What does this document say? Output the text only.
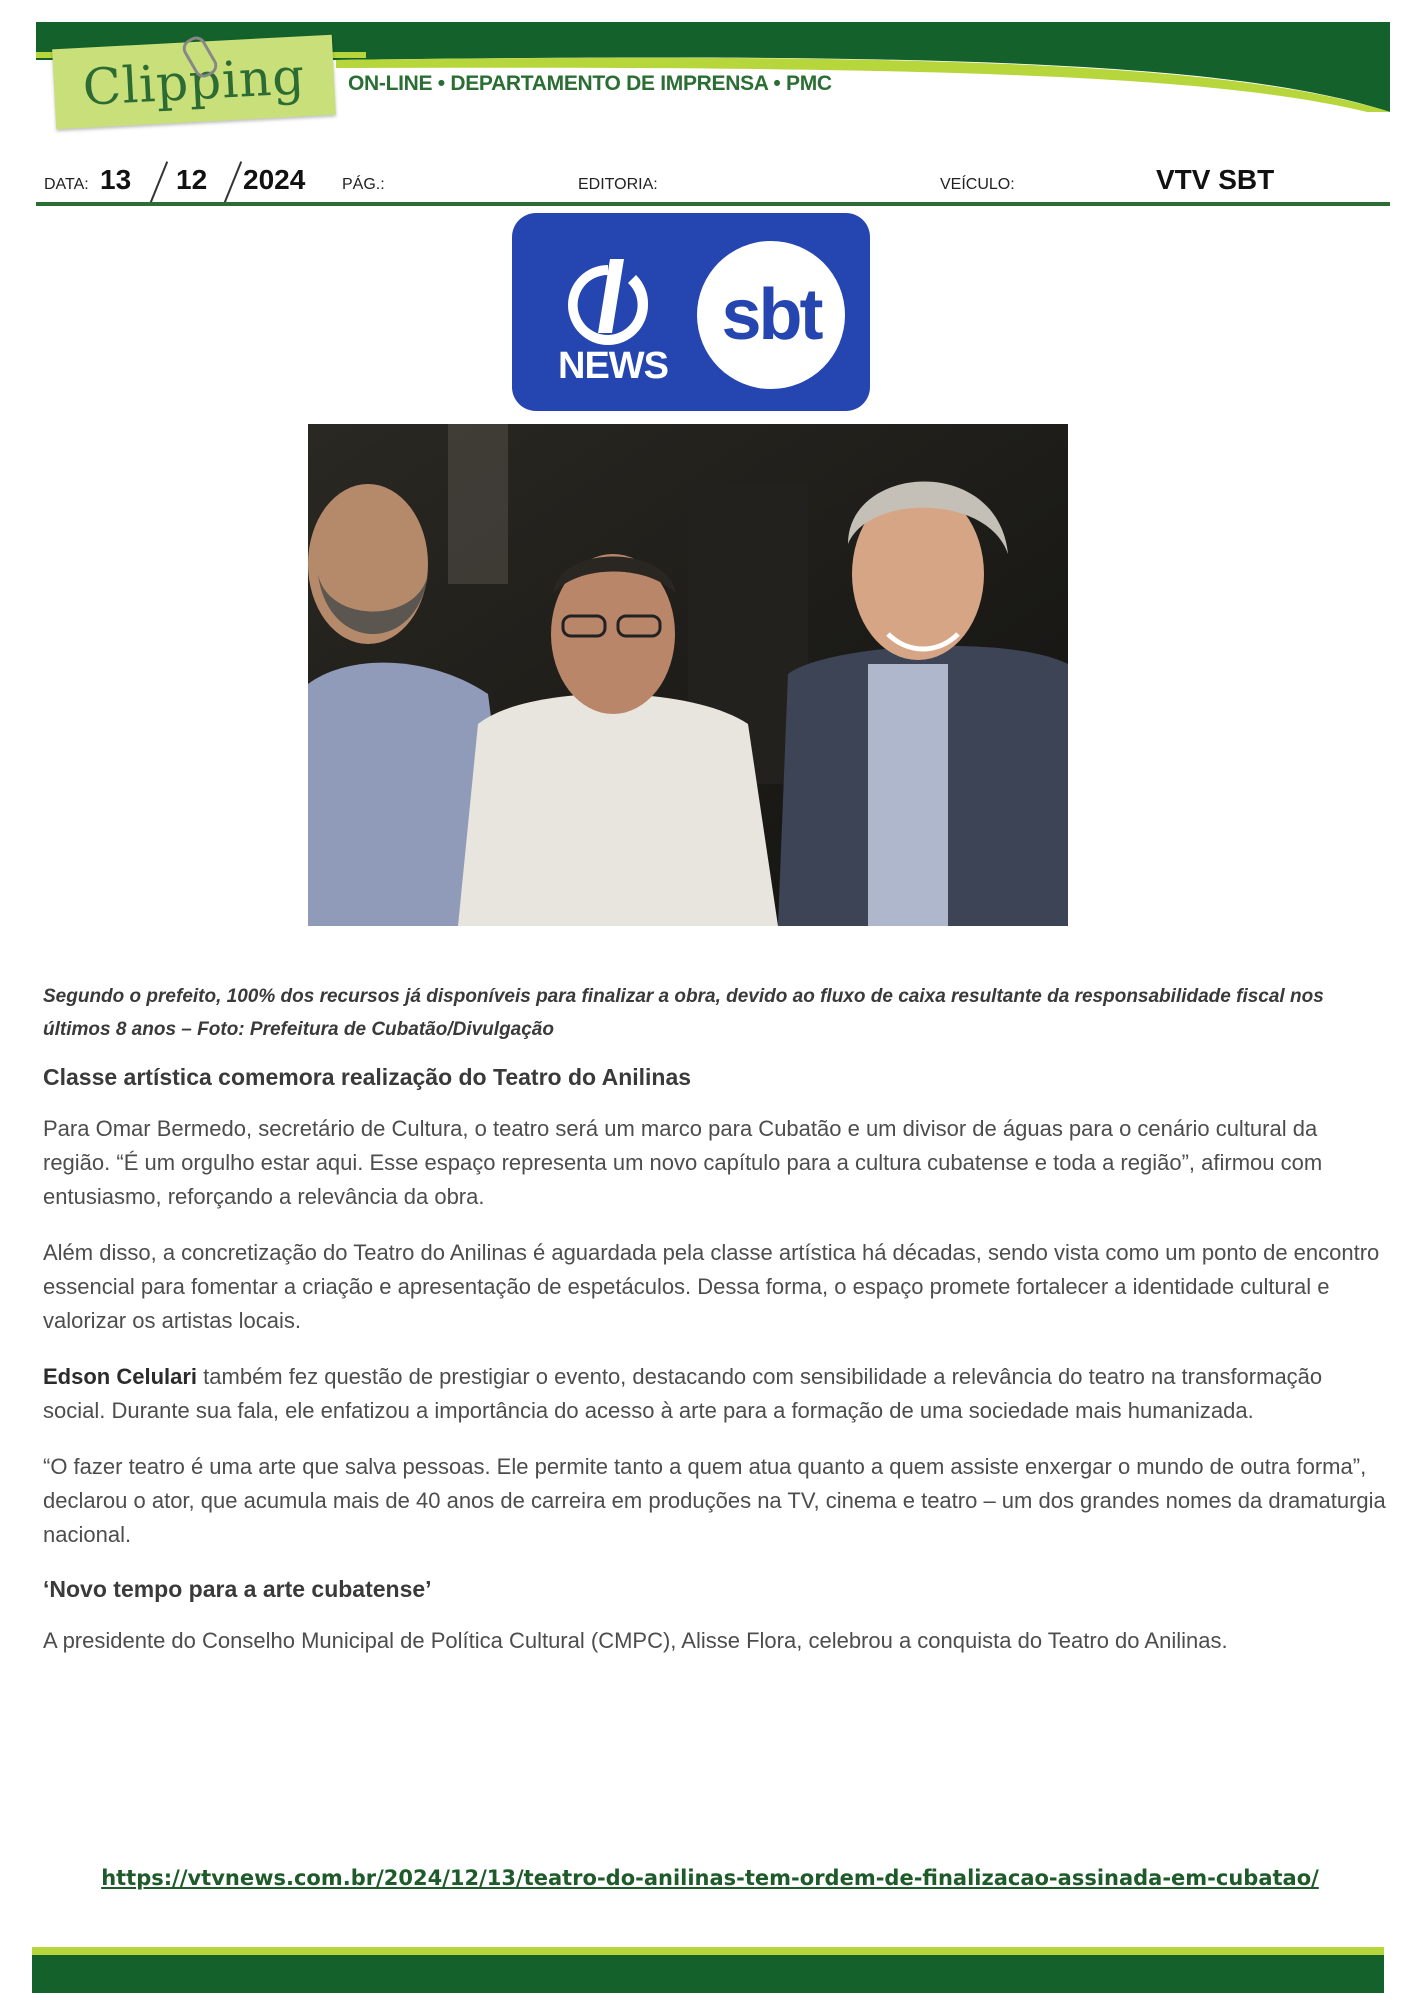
Clipping ON-LINE • DEPARTAMENTO DE IMPRENSA • PMC
DATA: 13 12 2024 PÁG.:	EDITORIA:	VEÍCULO:	VTV SBT
NEWS
sbt

Segundo o prefeito, 100% dos recursos já disponíveis para finalizar a obra, devido ao fluxo de caixa resultante da responsabilidade fiscal nos últimos 8 anos – Foto: Prefeitura de Cubatão/Divulgação

Classe artística comemora realização do Teatro do Anilinas

Para Omar Bermedo, secretário de Cultura, o teatro será um marco para Cubatão e um divisor de águas para o cenário cultural da região. “É um orgulho estar aqui. Esse espaço representa um novo capítulo para a cultura cubatense e toda a região”, afirmou com entusiasmo, reforçando a relevância da obra.

Além disso, a concretização do Teatro do Anilinas é aguardada pela classe artística há décadas, sendo vista como um ponto de encontro essencial para fomentar a criação e apresentação de espetáculos. Dessa forma, o espaço promete fortalecer a identidade cultural e valorizar os artistas locais.

Edson Celulari também fez questão de prestigiar o evento, destacando com sensibilidade a relevância do teatro na transformação social. Durante sua fala, ele enfatizou a importância do acesso à arte para a formação de uma sociedade mais humanizada.

“O fazer teatro é uma arte que salva pessoas. Ele permite tanto a quem atua quanto a quem assiste enxergar o mundo de outra forma”, declarou o ator, que acumula mais de 40 anos de carreira em produções na TV, cinema e teatro – um dos grandes nomes da dramaturgia nacional.

‘Novo tempo para a arte cubatense’

A presidente do Conselho Municipal de Política Cultural (CMPC), Alisse Flora, celebrou a conquista do Teatro do Anilinas.

https://vtvnews.com.br/2024/12/13/teatro-do-anilinas-tem-ordem-de-finalizacao-assinada-em-cubatao/
